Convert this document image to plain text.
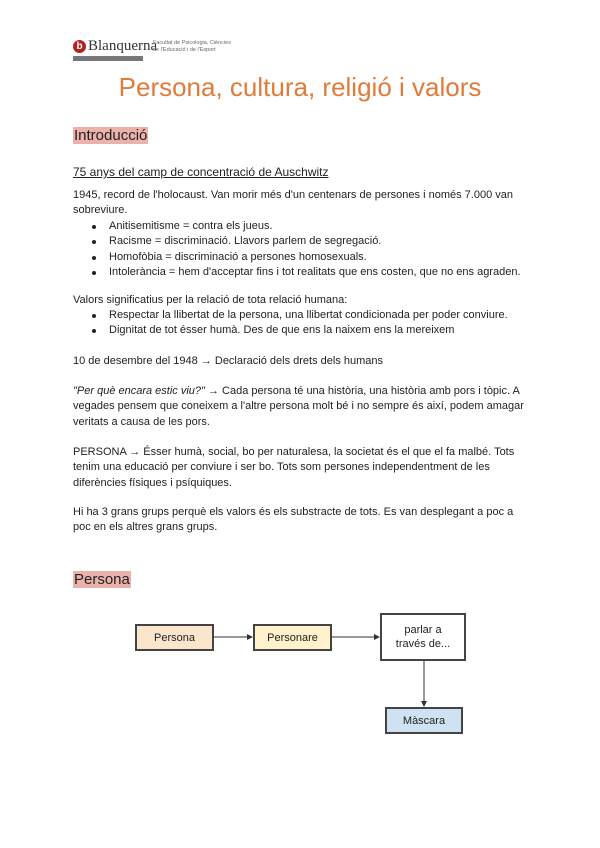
b Blanquerna
Facultat de Psicologia, Ciències de l'Educació i de l'Esport
Persona, cultura, religió i valors
Introducció
75 anys del camp de concentració de Auschwitz
1945, record de l'holocaust. Van morir més d'un centenars de persones i només 7.000 van sobreviure.
Anitisemitisme = contra els jueus.
Racisme = discriminació. Llavors parlem de segregació.
Homofòbia = discriminació a persones homosexuals.
Intolerància = hem d'acceptar fins i tot realitats que ens costen, que no ens agraden.
Valors significatius per la relació de tota relació humana:
Respectar la llibertat de la persona, una llibertat condicionada per poder conviure.
Dignitat de tot ésser humà. Des de que ens la naixem ens la mereixem
10 de desembre del 1948 → Declaració dels drets dels humans
"Per què encara estic viu?" → Cada persona té una història, una història amb pors i tòpic. A vegades pensem que coneixem a l'altre persona molt bé i no sempre és així, podem amagar veritats a causa de les pors.
PERSONA → Ésser humà, social, bo per naturalesa, la societat és el que el fa malbé. Tots tenim una educació per conviure i ser bo. Tots som persones independentment de les diferències físiques i psíquiques.
Hi ha 3 grans grups perquè els valors és els substracte de tots. Es van desplegant a poc a poc en els altres grans grups.
Persona
Persona	Personare
parlar a través de...
Màscara
